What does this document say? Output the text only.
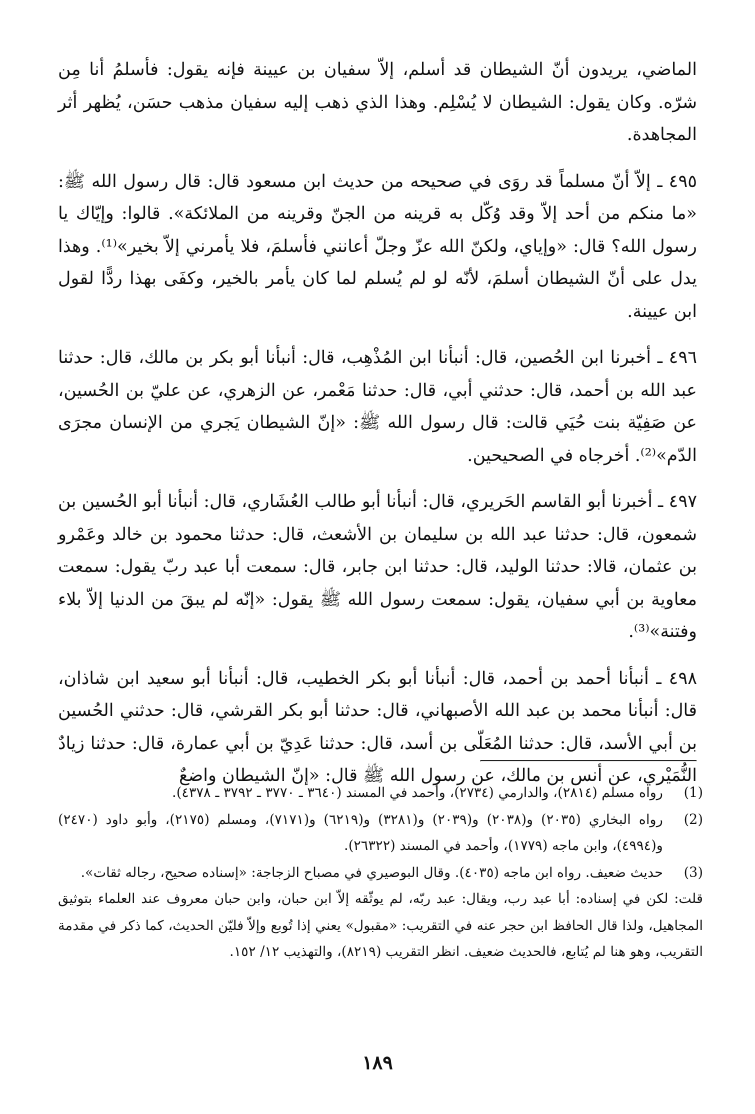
الماضي، يريدون أنّ الشيطان قد أسلم، إلاّ سفيان بن عيينة فإنه يقول: فأسلمُ أنا مِن شرّه. وكان يقول: الشيطان لا يُسْلِم. وهذا الذي ذهب إليه سفيان مذهب حسَن، يُظهر أثر المجاهدة.

٤٩٥ ـ إلاّ أنّ مسلماً قد روَى في صحيحه من حديث ابن مسعود قال: قال رسول الله ﷺ: «ما منكم من أحد إلاّ وقد وُكّل به قرينه من الجنّ وقرينه من الملائكة». قالوا: وإيّاك يا رسول الله؟ قال: «وإياي، ولكنّ الله عزّ وجلّ أعانني فأسلمَ، فلا يأمرني إلاّ بخير»⁽¹⁾. وهذا يدل على أنّ الشيطان أسلمَ، لأنّه لو لم يُسلم لما كان يأمر بالخير، وكفَى بهذا ردًّا لقول ابن عيينة.

٤٩٦ ـ أخبرنا ابن الحُصين، قال: أنبأنا ابن المُذْهِب، قال: أنبأنا أبو بكر بن مالك، قال: حدثنا عبد الله بن أحمد، قال: حدثني أبي، قال: حدثنا مَعْمر، عن الزهري، عن عليّ بن الحُسين، عن صَفِيّة بنت حُيَي قالت: قال رسول الله ﷺ: «إنّ الشيطان يَجري من الإنسان مجرَى الدّم»⁽²⁾. أخرجاه في الصحيحين.

٤٩٧ ـ أخبرنا أبو القاسم الحَريري، قال: أنبأنا أبو طالب العُشَاري، قال: أنبأنا أبو الحُسين بن شمعون، قال: حدثنا عبد الله بن سليمان بن الأشعث، قال: حدثنا محمود بن خالد وعَمْرو بن عثمان، قالا: حدثنا الوليد، قال: حدثنا ابن جابر، قال: سمعت أبا عبد ربّ يقول: سمعت معاوية بن أبي سفيان، يقول: سمعت رسول الله ﷺ يقول: «إنّه لم يبقَ من الدنيا إلاّ بلاء وفتنة»⁽³⁾.

٤٩٨ ـ أنبأنا أحمد بن أحمد، قال: أنبأنا أبو بكر الخطيب، قال: أنبأنا أبو سعيد ابن شاذان، قال: أنبأنا محمد بن عبد الله الأصبهاني، قال: حدثنا أبو بكر القرشي، قال: حدثني الحُسين بن أبي الأسد، قال: حدثنا المُعَلّى بن أسد، قال: حدثنا عَدِيّ بن أبي عمارة، قال: حدثنا زيادٌ النُّمَيْري، عن أنس بن مالك، عن رسول الله ﷺ قال: «إنّ الشيطان واضعٌ

(1)
رواه مسلم (٢٨١٤)، والدارمي (٢٧٣٤)، وأحمد في المسند (٣٦٤٠ ـ ٣٧٧٠ ـ ٣٧٩٢ ـ ٤٣٧٨).
(2)
رواه البخاري (٢٠٣٥) و(٢٠٣٨) و(٢٠٣٩) و(٣٢٨١) و(٦٢١٩) و(٧١٧١)، ومسلم (٢١٧٥)، وأبو داود (٢٤٧٠) و(٤٩٩٤)، وابن ماجه (١٧٧٩)، وأحمد في المسند (٢٦٣٢٢).
(3)
حديث ضعيف. رواه ابن ماجه (٤٠٣٥). وقال البوصيري في مصباح الزجاجة: «إسناده صحيح، رجاله ثقات».
قلت: لكن في إسناده: أبا عبد رب، ويقال: عبد ربّه، لم يوثّقه إلاّ ابن حبان، وابن حبان معروف عند العلماء بتوثيق المجاهيل، ولذا قال الحافظ ابن حجر عنه في التقريب: «مقبول» يعني إذا تُوبع وإلاّ فليّن الحديث، كما ذكر في مقدمة التقريب، وهو هنا لم يُتابع، فالحديث ضعيف. انظر التقريب (٨٢١٩)، والتهذيب ١٢/ ١٥٢.
١٨٩
